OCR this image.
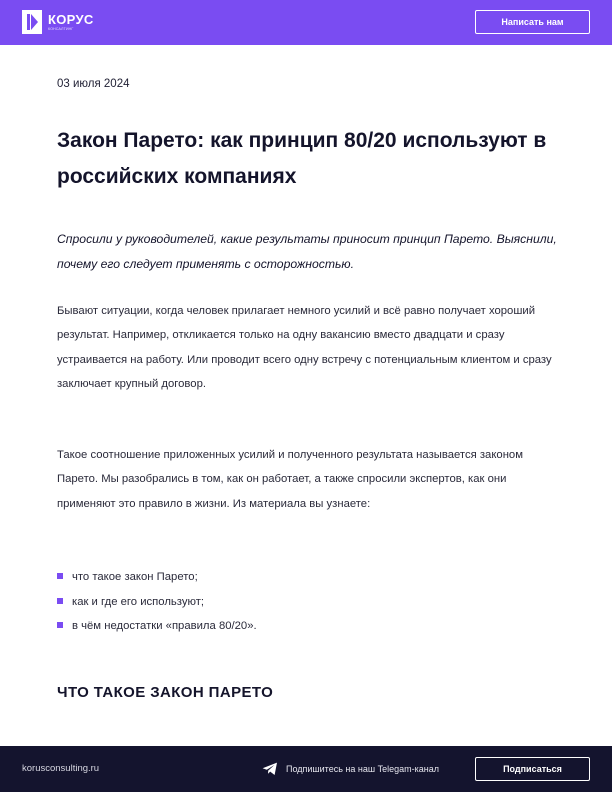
КОРУС
КОНСАЛТИНГ
Написать нам
03 июля 2024
Закон Парето: как принцип 80/20 используют в российских компаниях

Спросили у руководителей, какие результаты приносит принцип Парето. Выяснили, почему его следует применять с осторожностью.

Бывают ситуации, когда человек прилагает немного усилий и всё равно получает хороший результат. Например, откликается только на одну вакансию вместо двадцати и сразу устраивается на работу. Или проводит всего одну встречу с потенциальным клиентом и сразу заключает крупный договор.

Такое соотношение приложенных усилий и полученного результата называется законом Парето. Мы разобрались в том, как он работает, а также спросили экспертов, как они применяют это правило в жизни. Из материала вы узнаете:

что такое закон Парето;
как и где его используют;
в чём недостатки «правила 80/20».
ЧТО ТАКОЕ ЗАКОН ПАРЕТО
korusconsulting.ru	Подпишитесь на наш Telegam-канал	Подписаться
